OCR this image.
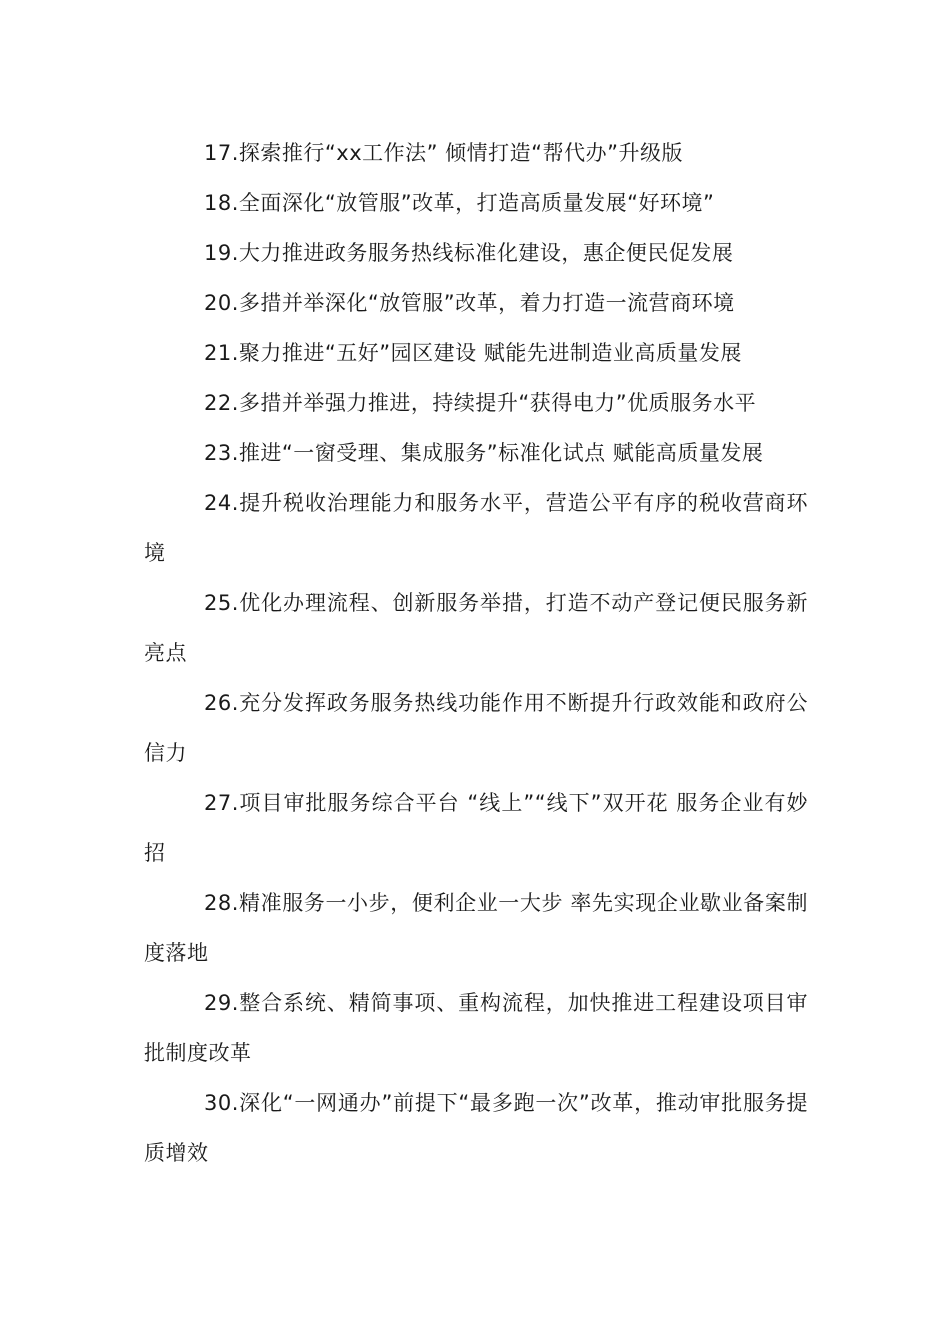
17.探索推行“xx工作法” 倾情打造“帮代办”升级版

18.全面深化“放管服”改革，打造高质量发展“好环境”

19.大力推进政务服务热线标准化建设，惠企便民促发展

20.多措并举深化“放管服”改革，着力打造一流营商环境

21.聚力推进“五好”园区建设 赋能先进制造业高质量发展

22.多措并举强力推进，持续提升“获得电力”优质服务水平

23.推进“一窗受理、集成服务”标准化试点 赋能高质量发展

24.提升税收治理能力和服务水平，营造公平有序的税收营商环境

25.优化办理流程、创新服务举措，打造不动产登记便民服务新亮点

26.充分发挥政务服务热线功能作用不断提升行政效能和政府公信力

27.项目审批服务综合平台 “线上”“线下”双开花 服务企业有妙招

28.精准服务一小步，便利企业一大步 率先实现企业歇业备案制度落地

29.整合系统、精简事项、重构流程，加快推进工程建设项目审批制度改革

30.深化“一网通办”前提下“最多跑一次”改革，推动审批服务提质增效
